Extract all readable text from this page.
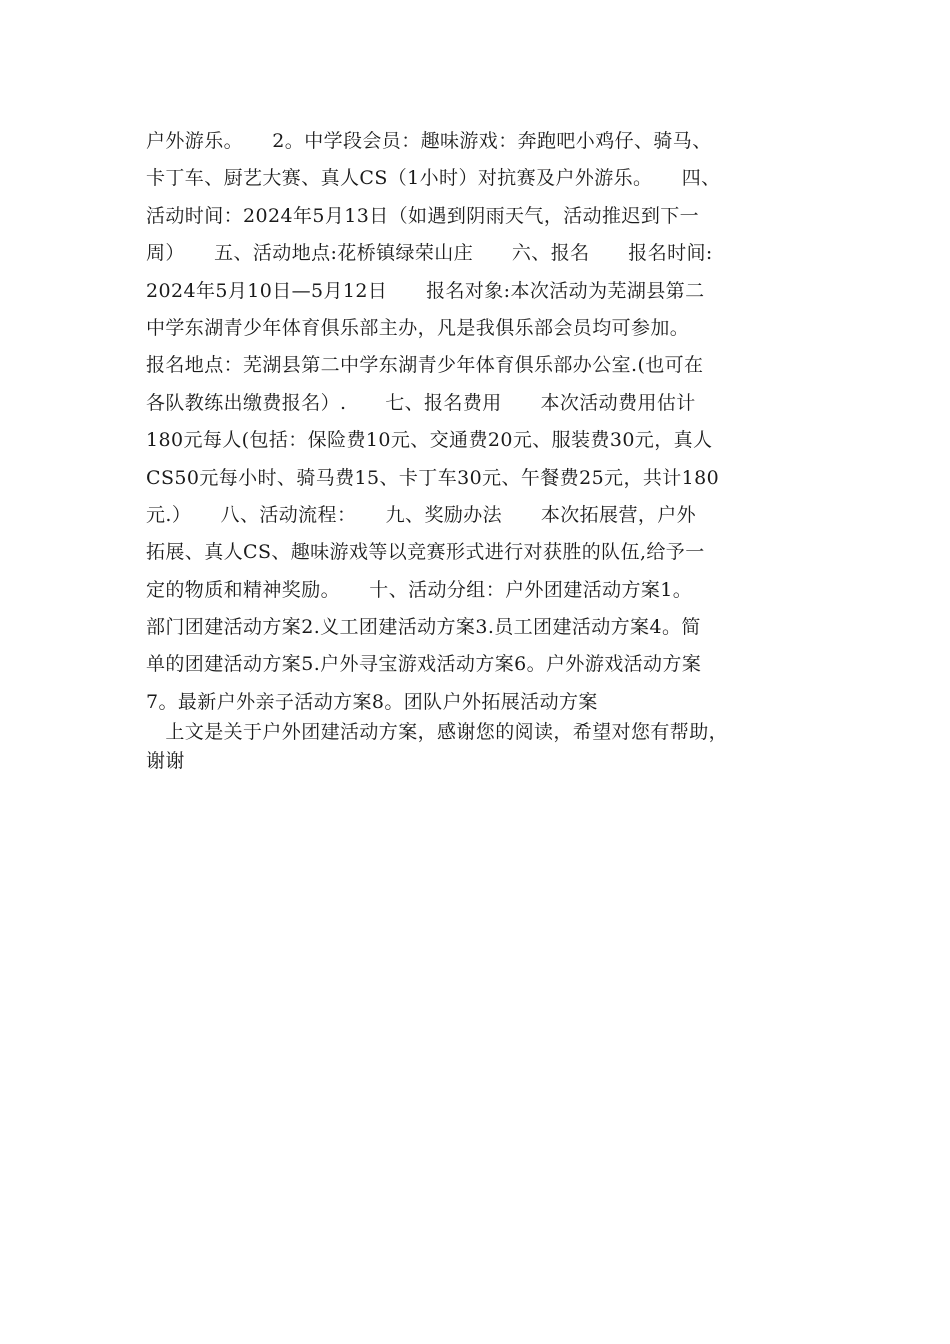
户外游乐。　　2。中学段会员：趣味游戏：奔跑吧小鸡仔、骑马、
卡丁车、厨艺大赛、真人CS（1小时）对抗赛及户外游乐。　　四、
活动时间：2024年5月13日（如遇到阴雨天气，活动推迟到下一
周）　　五、活动地点:花桥镇绿荣山庄　　六、报名　　报名时间:
2024年5月10日—5月12日　　报名对象:本次活动为芜湖县第二
中学东湖青少年体育俱乐部主办，凡是我俱乐部会员均可参加。
报名地点：芜湖县第二中学东湖青少年体育俱乐部办公室.(也可在
各队教练出缴费报名）.　　七、报名费用　　本次活动费用估计
180元每人(包括：保险费10元、交通费20元、服装费30元，真人
CS50元每小时、骑马费15、卡丁车30元、午餐费25元，共计180
元.）　　八、活动流程：　　九、奖励办法　　本次拓展营，户外
拓展、真人CS、趣味游戏等以竞赛形式进行对获胜的队伍,给予一
定的物质和精神奖励。　　十、活动分组：户外团建活动方案1。
部门团建活动方案2.义工团建活动方案3.员工团建活动方案4。简
单的团建活动方案5.户外寻宝游戏活动方案6。户外游戏活动方案
7。最新户外亲子活动方案8。团队户外拓展活动方案
　上文是关于户外团建活动方案，感谢您的阅读，希望对您有帮助，
谢谢
